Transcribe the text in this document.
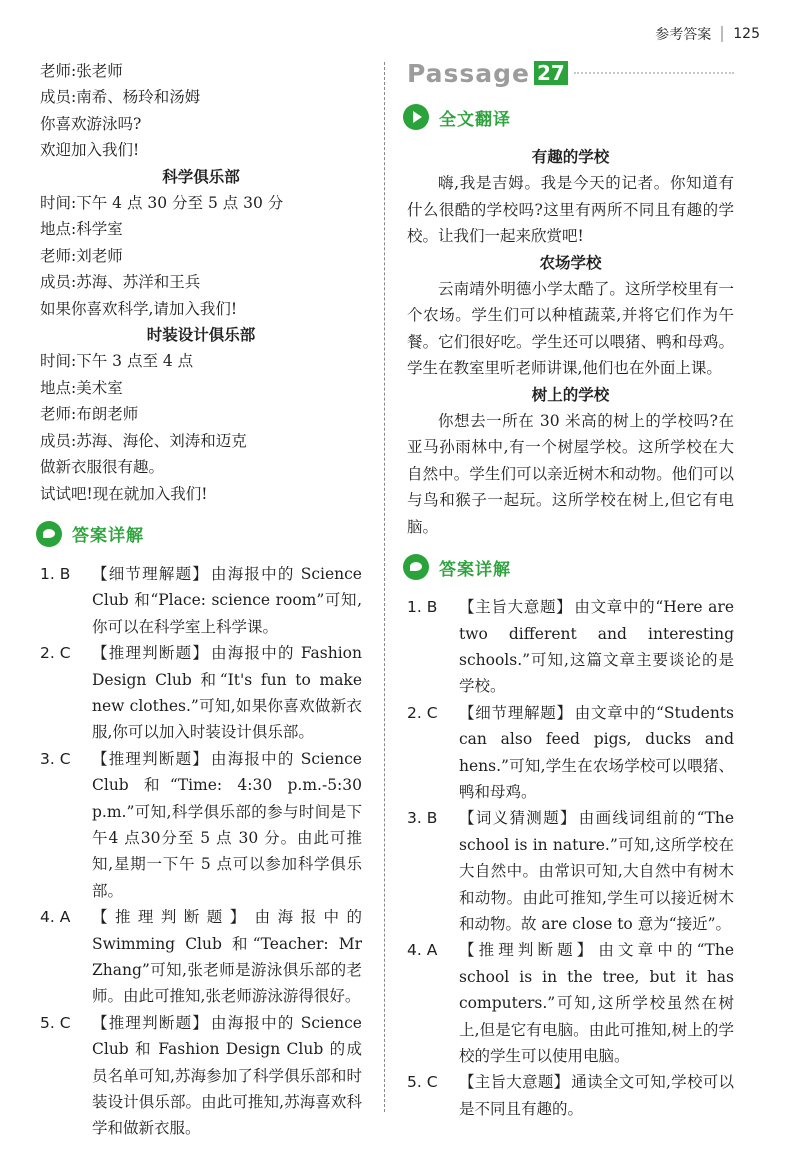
参考答案 125
老师:张老师
成员:南希、杨玲和汤姆
你喜欢游泳吗?
欢迎加入我们!
科学俱乐部
时间:下午 4 点 30 分至 5 点 30 分
地点:科学室
老师:刘老师
成员:苏海、苏洋和王兵
如果你喜欢科学,请加入我们!
时装设计俱乐部
时间:下午 3 点至 4 点
地点:美术室
老师:布朗老师
成员:苏海、海伦、刘涛和迈克
做新衣服很有趣。
试试吧!现在就加入我们!
答案详解
1. B	【细节理解题】 由海报中的 Science Club 和“Place: science room”可知,你可以在科学室上科学课。
2. C	【推理判断题】 由海报中的 Fashion Design Club 和“It's fun to make new clothes.”可知,如果你喜欢做新衣服,你可以加入时装设计俱乐部。
3. C	【推理判断题】 由海报中的 Science Club 和“Time: 4:30 p.m.-5:30 p.m.”可知,科学俱乐部的参与时间是下午4 点30分至 5 点 30 分。由此可推知,星期一下午 5 点可以参加科学俱乐部。
4. A	【推理判断题】 由海报中的 Swimming Club 和“Teacher: Mr Zhang”可知,张老师是游泳俱乐部的老师。由此可推知,张老师游泳游得很好。
5. C	【推理判断题】 由海报中的 Science Club 和 Fashion Design Club 的成员名单可知,苏海参加了科学俱乐部和时装设计俱乐部。由此可推知,苏海喜欢科学和做新衣服。
Passage 27
全文翻译
有趣的学校
嗨,我是吉姆。我是今天的记者。你知道有什么很酷的学校吗?这里有两所不同且有趣的学校。让我们一起来欣赏吧!
农场学校
云南靖外明德小学太酷了。这所学校里有一个农场。学生们可以种植蔬菜,并将它们作为午餐。它们很好吃。学生还可以喂猪、鸭和母鸡。学生在教室里听老师讲课,他们也在外面上课。
树上的学校
你想去一所在 30 米高的树上的学校吗?在亚马孙雨林中,有一个树屋学校。这所学校在大自然中。学生们可以亲近树木和动物。他们可以与鸟和猴子一起玩。这所学校在树上,但它有电脑。
答案详解
1. B	【主旨大意题】 由文章中的“Here are two different and interesting schools.”可知,这篇文章主要谈论的是学校。
2. C	【细节理解题】 由文章中的“Students can also feed pigs, ducks and hens.”可知,学生在农场学校可以喂猪、鸭和母鸡。
3. B	【词义猜测题】 由画线词组前的“The school is in nature.”可知,这所学校在大自然中。由常识可知,大自然中有树木和动物。由此可推知,学生可以接近树木和动物。故 are close to 意为“接近”。
4. A	【推理判断题】 由文章中的“The school is in the tree, but it has computers.”可知,这所学校虽然在树上,但是它有电脑。由此可推知,树上的学校的学生可以使用电脑。
5. C	【主旨大意题】 通读全文可知,学校可以是不同且有趣的。
